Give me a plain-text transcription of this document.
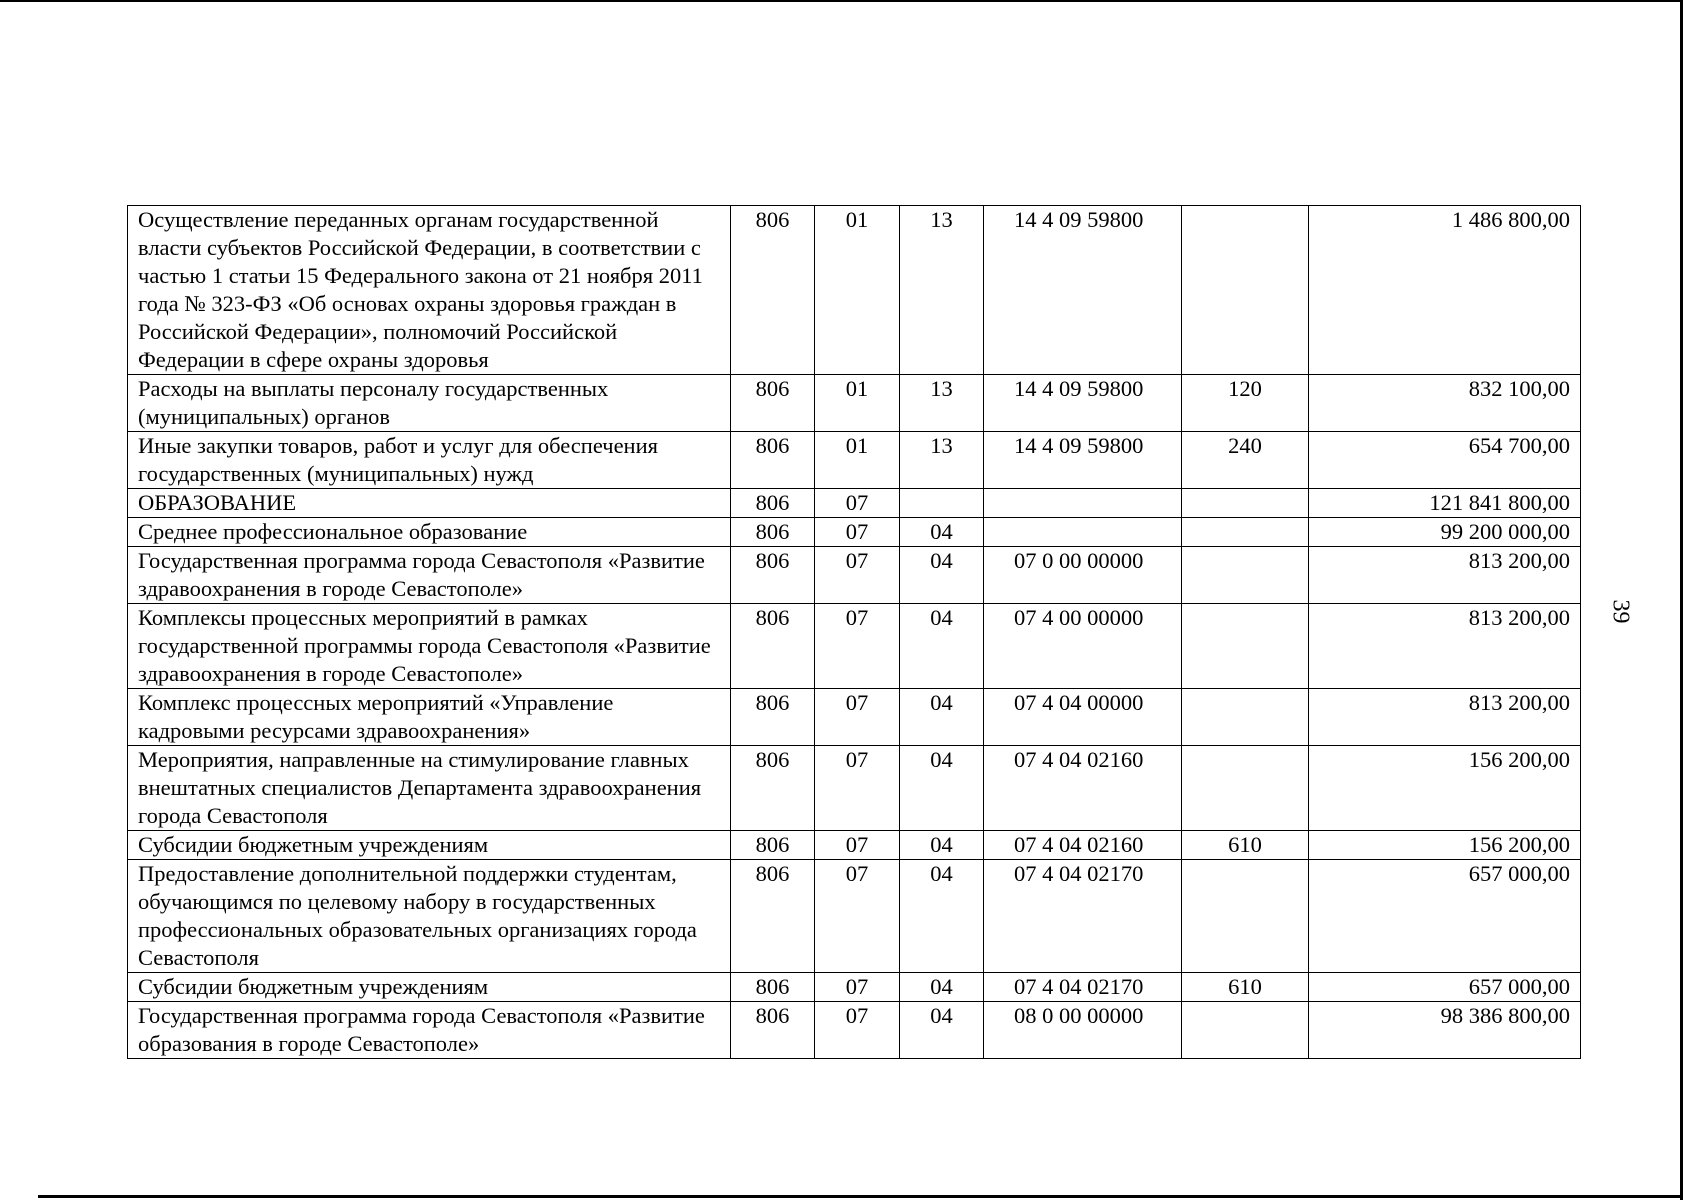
Осуществление переданных органам государственной власти субъектов Российской Федерации, в соответствии с частью 1 статьи 15 Федерального закона от 21 ноября 2011 года № 323-ФЗ «Об основах охраны здоровья граждан в Российской Федерации», полномочий Российской Федерации в сфере охраны здоровья	806	01	13	14 4 09 59800		1 486 800,00
Расходы на выплаты персоналу государственных (муниципальных) органов	806	01	13	14 4 09 59800	120	832 100,00
Иные закупки товаров, работ и услуг для обеспечения государственных (муниципальных) нужд	806	01	13	14 4 09 59800	240	654 700,00
ОБРАЗОВАНИЕ	806	07				121 841 800,00
Среднее профессиональное образование	806	07	04			99 200 000,00
Государственная программа города Севастополя «Развитие здравоохранения в городе Севастополе»	806	07	04	07 0 00 00000		813 200,00
Комплексы процессных мероприятий в рамках государственной программы города Севастополя «Развитие здравоохранения в городе Севастополе»	806	07	04	07 4 00 00000		813 200,00
Комплекс процессных мероприятий «Управление кадровыми ресурсами здравоохранения»	806	07	04	07 4 04 00000		813 200,00
Мероприятия, направленные на стимулирование главных внештатных специалистов Департамента здравоохранения города Севастополя	806	07	04	07 4 04 02160		156 200,00
Субсидии бюджетным учреждениям	806	07	04	07 4 04 02160	610	156 200,00
Предоставление дополнительной поддержки студентам, обучающимся по целевому набору в государственных профессиональных образовательных организациях города Севастополя	806	07	04	07 4 04 02170		657 000,00
Субсидии бюджетным учреждениям	806	07	04	07 4 04 02170	610	657 000,00
Государственная программа города Севастополя «Развитие образования в городе Севастополе»	806	07	04	08 0 00 00000		98 386 800,00
39
